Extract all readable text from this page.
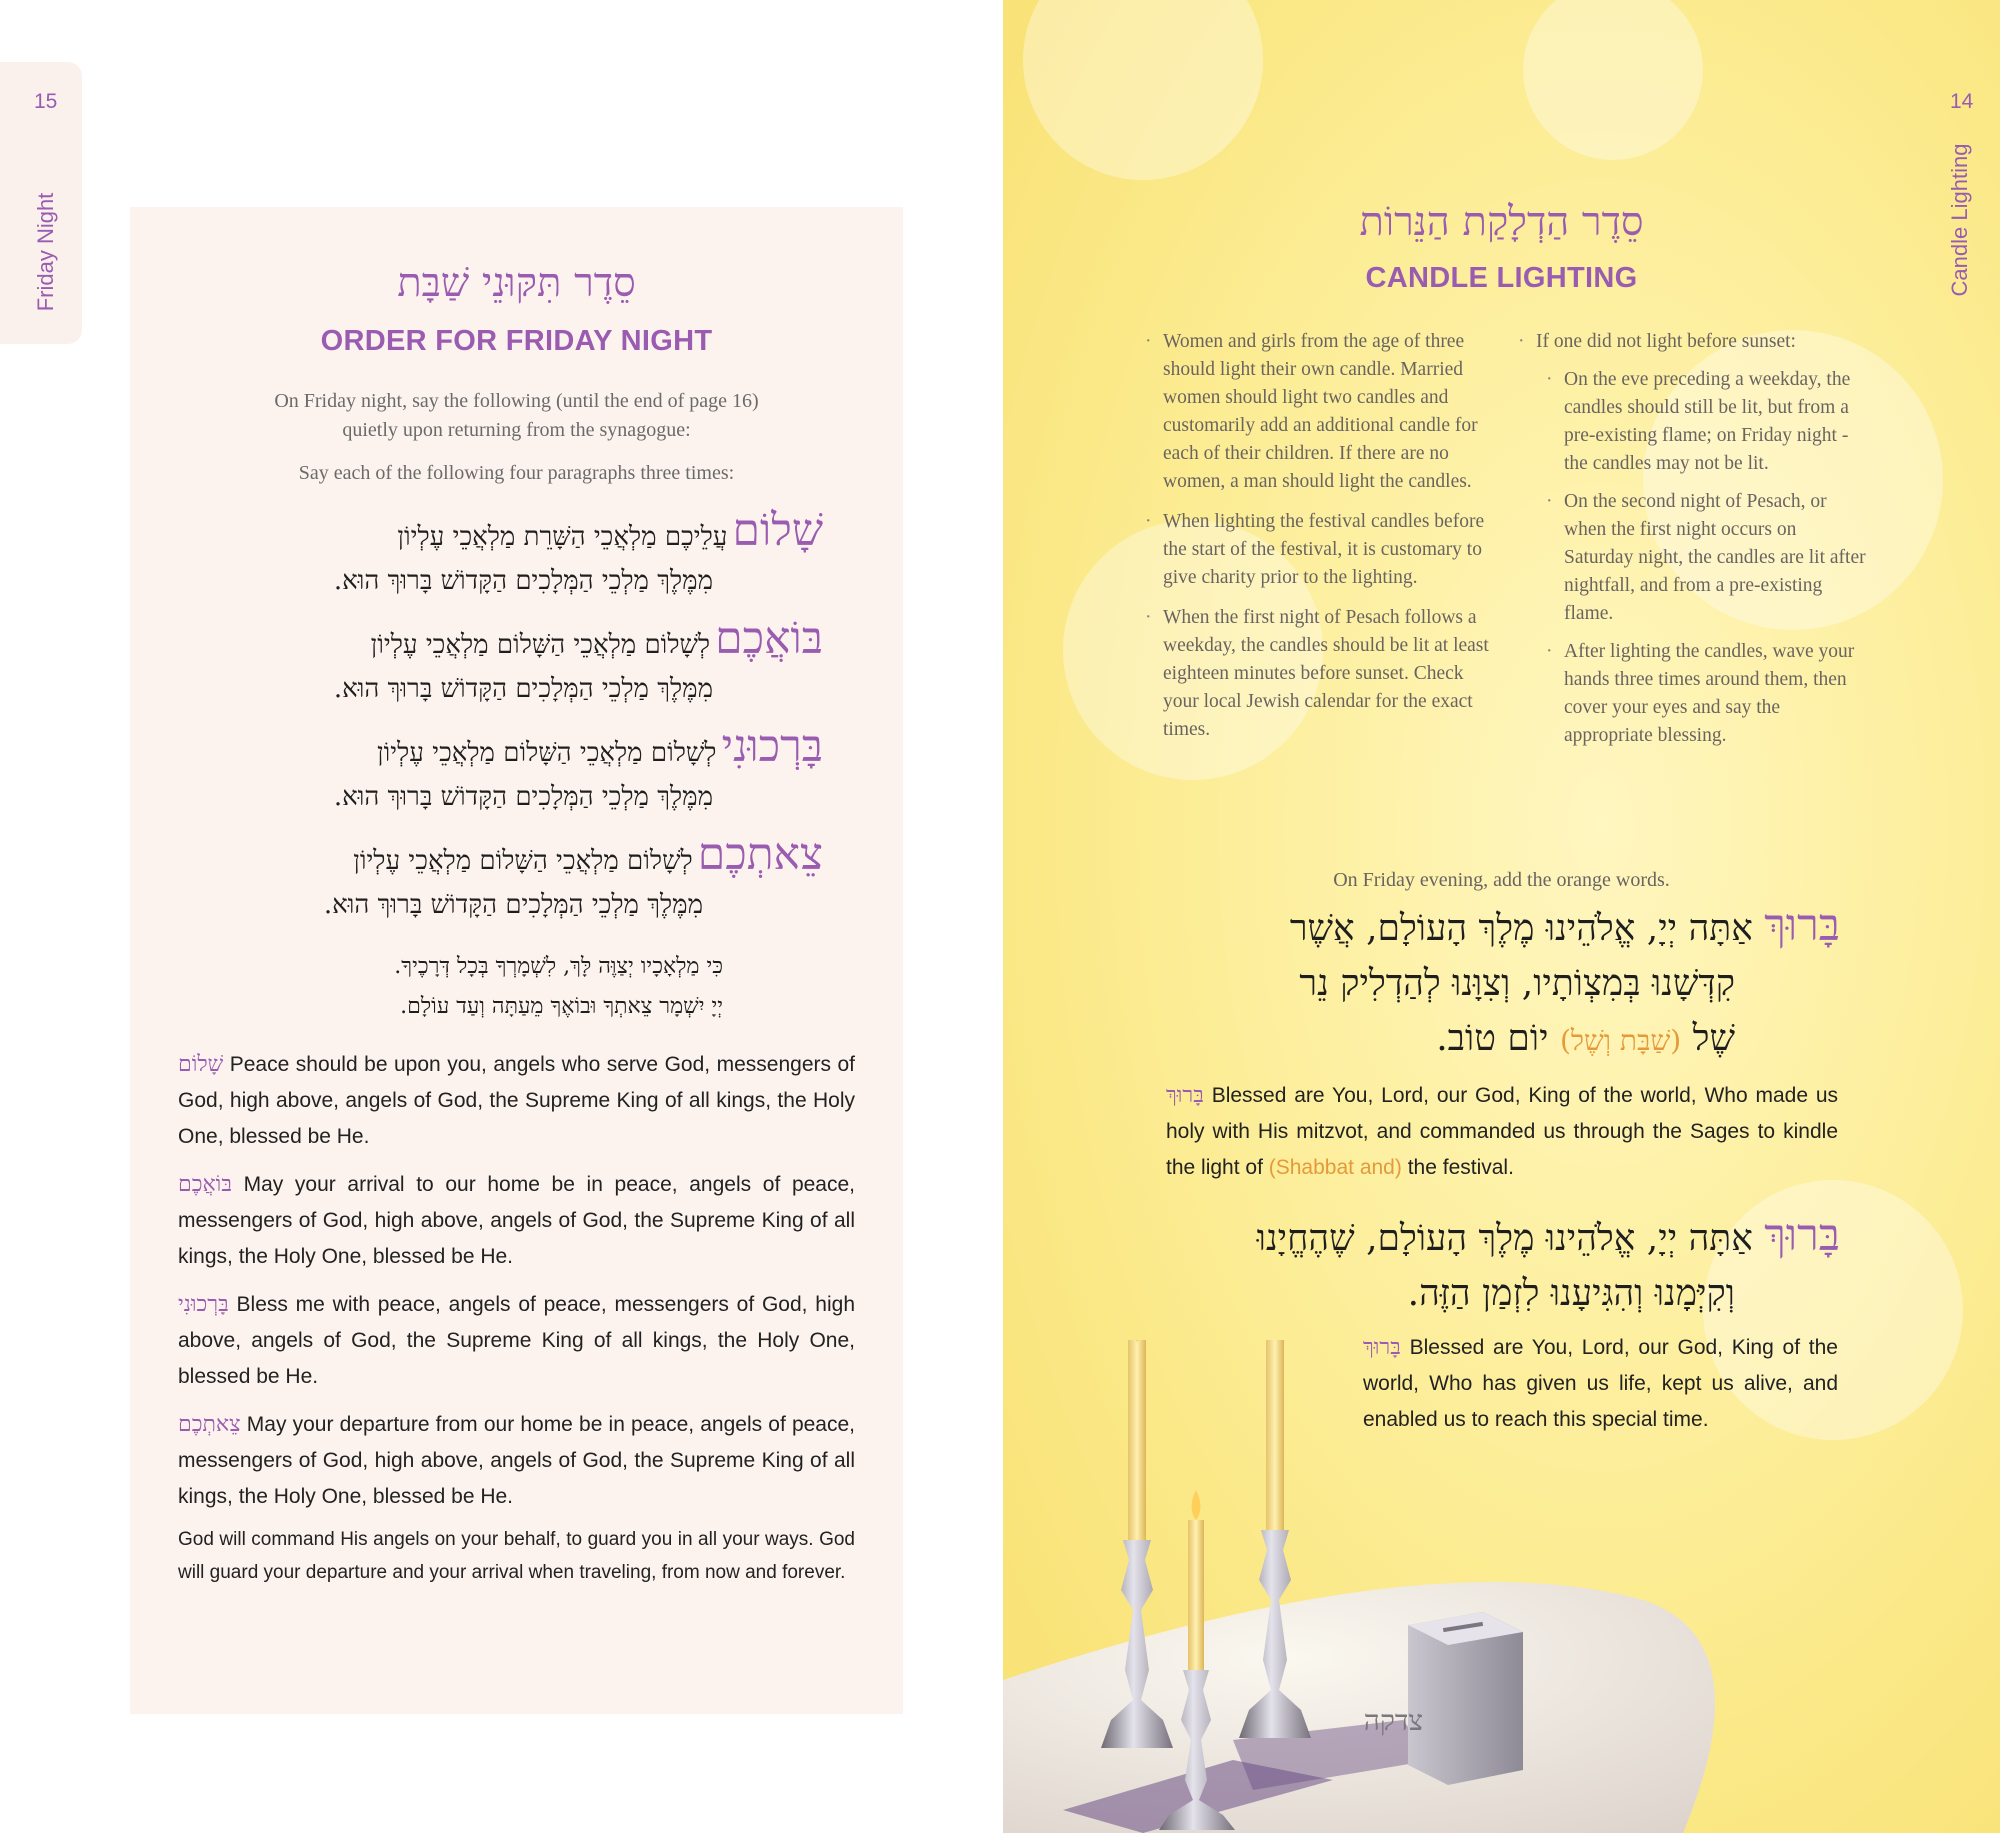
15
Friday Night	סֵדֶר תִּקּוּנֵי שַׁבָּת
ORDER FOR FRIDAY NIGHT
On Friday night, say the following (until the end of page 16) quietly upon returning from the synagogue:
Say each of the following four paragraphs three times:
שָׁלוֹם עֲלֵיכֶם מַלְאֲכֵי הַשָּׁרֵת מַלְאֲכֵי עֶלְיוֹן
מִמֶּלֶךְ מַלְכֵי הַמְּלָכִים הַקָּדוֹשׁ בָּרוּךְ הוּא.
בּוֹאֲכֶם לְשָׁלוֹם מַלְאֲכֵי הַשָּׁלוֹם מַלְאֲכֵי עֶלְיוֹן
מִמֶּלֶךְ מַלְכֵי הַמְּלָכִים הַקָּדוֹשׁ בָּרוּךְ הוּא.
בָּרְכוּנִי לְשָׁלוֹם מַלְאֲכֵי הַשָּׁלוֹם מַלְאֲכֵי עֶלְיוֹן
מִמֶּלֶךְ מַלְכֵי הַמְּלָכִים הַקָּדוֹשׁ בָּרוּךְ הוּא.
צֵאתְכֶם לְשָׁלוֹם מַלְאֲכֵי הַשָּׁלוֹם מַלְאֲכֵי עֶלְיוֹן
מִמֶּלֶךְ מַלְכֵי הַמְּלָכִים הַקָּדוֹשׁ בָּרוּךְ הוּא.
כִּי מַלְאָכָיו יְצַוֶּה לָּךְ, לִשְׁמָרְךָ בְּכָל דְּרָכֶיךָ.
יְיָ יִשְׁמָר צֵאתְךָ וּבוֹאֶךָ מֵעַתָּה וְעַד עוֹלָם.
שָׁלוֹם Peace should be upon you, angels who serve God, messengers of God, high above, angels of God, the Supreme King of all kings, the Holy One, blessed be He.
בּוֹאֲכֶם May your arrival to our home be in peace, angels of peace, messengers of God, high above, angels of God, the Supreme King of all kings, the Holy One, blessed be He.
בָּרְכוּנִי Bless me with peace, angels of peace, messengers of God, high above, angels of God, the Supreme King of all kings, the Holy One, blessed be He.
צֵאתְכֶם May your departure from our home be in peace, angels of peace, messengers of God, high above, angels of God, the Supreme King of all kings, the Holy One, blessed be He.
God will command His angels on your behalf, to guard you in all your ways. God will guard your departure and your arrival when traveling, from now and forever.
14
Candle Lighting
סֵדֶר הַדְלָקַת הַנֵּרוֹת
CANDLE LIGHTING
· Women and girls from the age of three should light their own candle. Married women should light two candles and customarily add an additional candle for each of their children. If there are no women, a man should light the candles.
· When lighting the festival candles before the start of the festival, it is customary to give charity prior to the lighting.
· When the first night of Pesach follows a weekday, the candles should be lit at least eighteen minutes before sunset. Check your local Jewish calendar for the exact times.
· If one did not light before sunset:
· On the eve preceding a weekday, the candles should still be lit, but from a pre-existing flame; on Friday night - the candles may not be lit.
· On the second night of Pesach, or when the first night occurs on Saturday night, the candles are lit after nightfall, and from a pre-existing flame.
· After lighting the candles, wave your hands three times around them, then cover your eyes and say the appropriate blessing.
On Friday evening, add the orange words.
בָּרוּךְ אַתָּה יְיָ, אֱלֹהֵינוּ מֶלֶךְ הָעוֹלָם, אֲשֶׁר
קִדְּשָׁנוּ בְּמִצְוֹתָיו, וְצִוָּנוּ לְהַדְלִיק נֵר
שֶׁל (שַׁבָּת וְשֶׁל) יוֹם טוֹב.
בָּרוּךְ Blessed are You, Lord, our God, King of the world, Who made us holy with His mitzvot, and commanded us through the Sages to kindle the light of (Shabbat and) the festival.
בָּרוּךְ אַתָּה יְיָ, אֱלֹהֵינוּ מֶלֶךְ הָעוֹלָם, שֶׁהֶחֱיָנוּ
וְקִיְּמָנוּ וְהִגִּיעָנוּ לִזְמַן הַזֶּה.
בָּרוּךְ Blessed are You, Lord, our God, King of the world, Who has given us life, kept us alive, and enabled us to reach this special time.
צדקה
